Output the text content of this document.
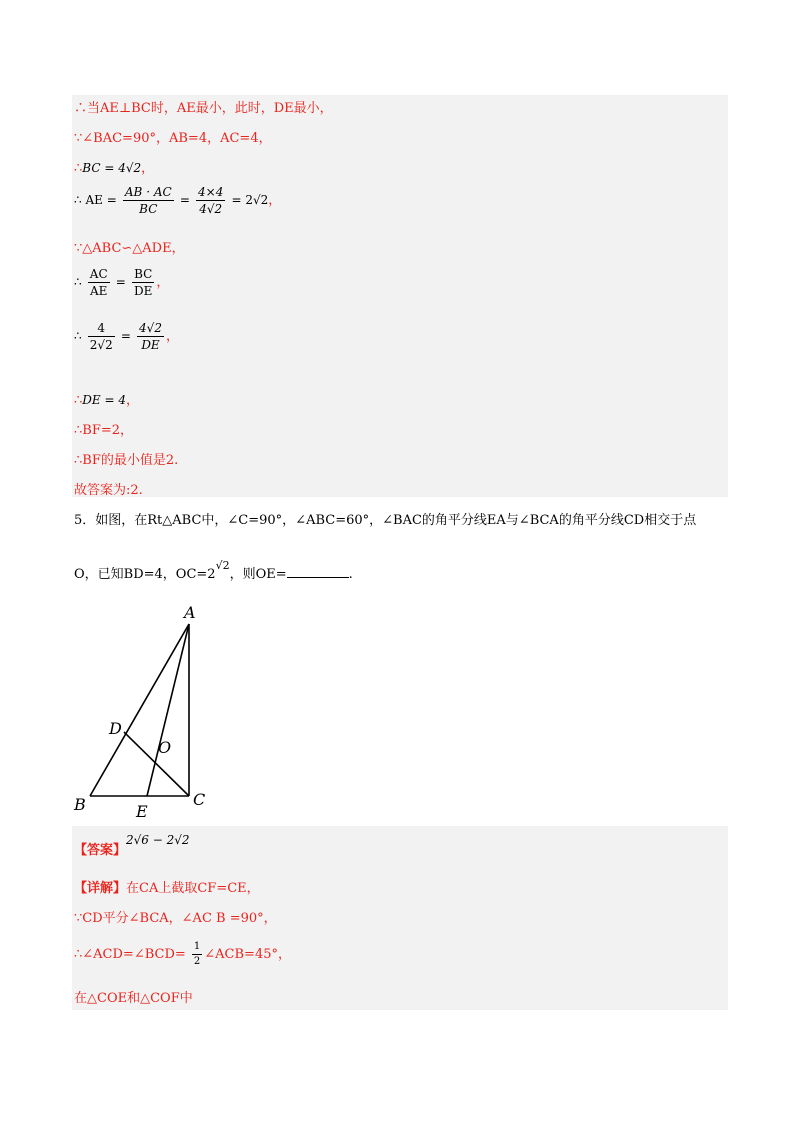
∴当AE⊥BC时，AE最小，此时，DE最小，
∵∠BAC=90°，AB=4，AC=4，
∴BC = 4√2，
∴ AE = $\frac{AB \cdot AC}{BC} = \frac{4\times 4}{4√2} = 2√2$，
∵△ABC∽△ADE，
∴ $\frac{AC}{AE} = \frac{BC}{DE}$ ，
∴ $\frac{4}{2√2} = \frac{4√2}{DE}$ ，
∴DE = 4，
∴BF=2，
∴BF的最小值是2.
故答案为:2.
5．如图，在Rt△ABC中，∠C=90°，∠ABC=60°，∠BAC的角平分线EA与∠BCA的角平分线CD相交于点
O，已知BD=4，$OC=2^{√2}$，则OE=	.
A
B	C
D
E
O
【答案】2√6 − 2√2
【详解】在CA上截取CF=CE，
∵CD平分∠BCA，∠AC B =90°，
∴∠ACD=∠BCD= $\frac{1}{2}$ ∠ACB=45°，
在△COE和△COF中
